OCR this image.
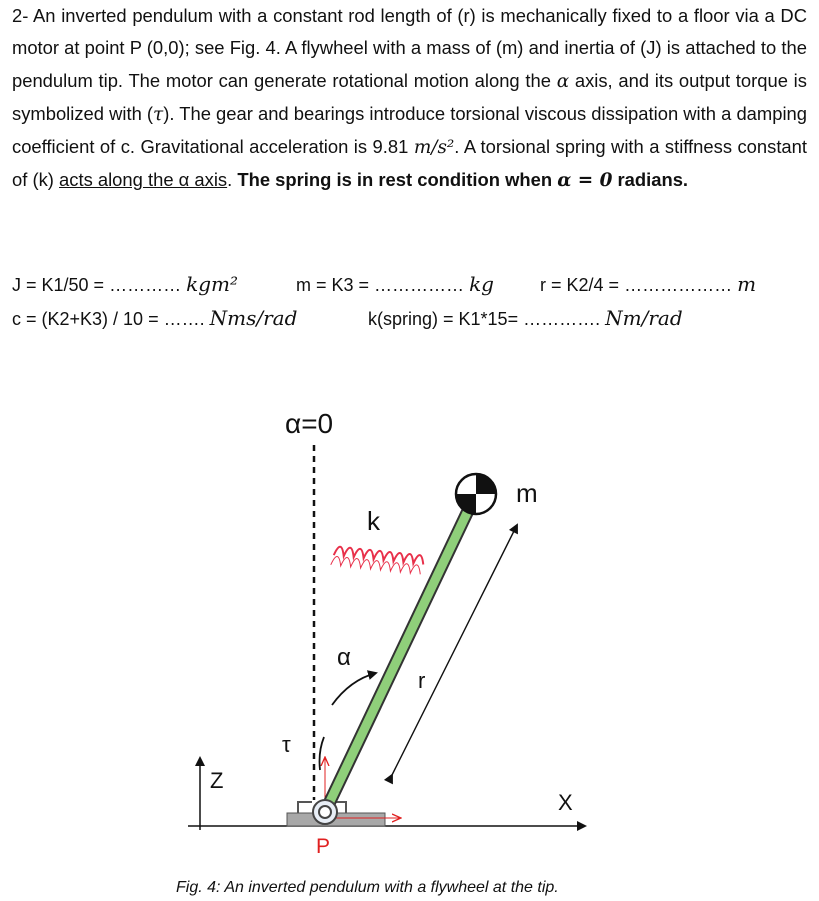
2- An inverted pendulum with a constant rod length of (r) is mechanically fixed to a floor via a DC motor at point P (0,0); see Fig. 4. A flywheel with a mass of (m) and inertia of (J) is attached to the pendulum tip. The motor can generate rotational motion along the α axis, and its output torque is symbolized with (τ). The gear and bearings introduce torsional viscous dissipation with a damping coefficient of c. Gravitational acceleration is 9.81 m/s². A torsional spring with a stiffness constant of (k) acts along the α axis. The spring is in rest condition when α = 0 radians.
J = K1/50 = ………… kgm²	m = K3 = …………… kg	r = K2/4 = ……………… m
c = (K2+K3) / 10 = ……. Nms/rad	k(spring) = K1*15= …………. Nm/rad
α=0
X
Z
P
m
k
α
τ
r
Fig. 4: An inverted pendulum with a flywheel at the tip.
